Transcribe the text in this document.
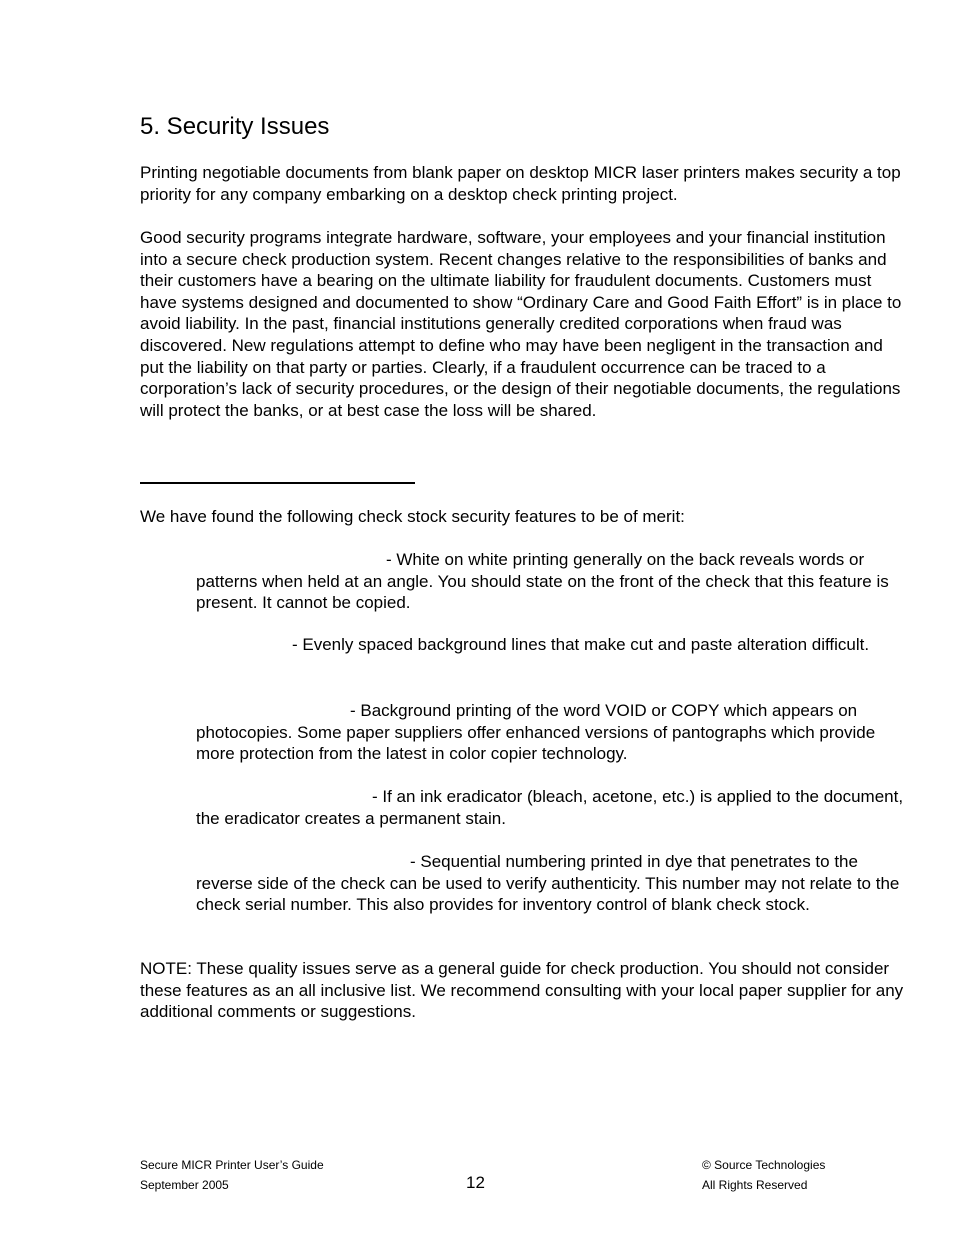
5. Security Issues

Printing negotiable documents from blank paper on desktop MICR laser printers makes security a top priority for any company embarking on a desktop check printing project.

Good security programs integrate hardware, software, your employees and your financial institution into a secure check production system. Recent changes relative to the responsibilities of banks and their customers have a bearing on the ultimate liability for fraudulent documents. Customers must have systems designed and documented to show “Ordinary Care and Good Faith Effort” is in place to avoid liability. In the past, financial institutions generally credited corporations when fraud was discovered. New regulations attempt to define who may have been negligent in the transaction and put the liability on that party or parties. Clearly, if a fraudulent occurrence can be traced to a corporation’s lack of security procedures, or the design of their negotiable documents, the regulations will protect the banks, or at best case the loss will be shared.

We have found the following check stock security features to be of merit:

- White on white printing generally on the back reveals words or patterns when held at an angle. You should state on the front of the check that this feature is present. It cannot be copied.

- Evenly spaced background lines that make cut and paste alteration difficult.

- Background printing of the word VOID or COPY which appears on photocopies. Some paper suppliers offer enhanced versions of pantographs which provide more protection from the latest in color copier technology.

- If an ink eradicator (bleach, acetone, etc.) is applied to the document, the eradicator creates a permanent stain.

- Sequential numbering printed in dye that penetrates to the reverse side of the check can be used to verify authenticity. This number may not relate to the check serial number. This also provides for inventory control of blank check stock.

NOTE: These quality issues serve as a general guide for check production. You should not consider these features as an all inclusive list. We recommend consulting with your local paper supplier for any additional comments or suggestions.

Secure MICR Printer User’s Guide
September 2005	12
© Source Technologies
All Rights Reserved
